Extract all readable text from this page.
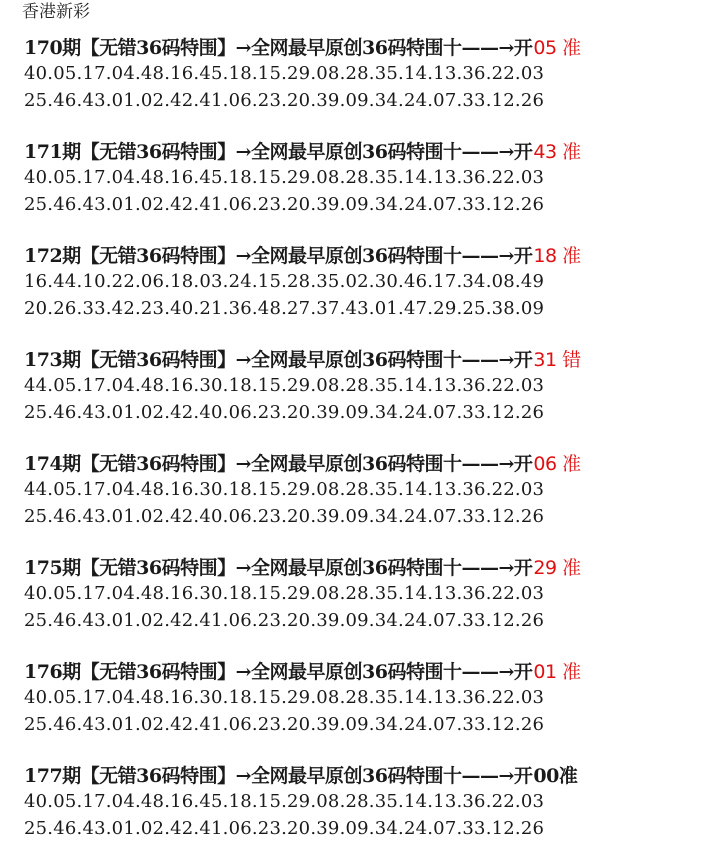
香港新彩
170期【无错36码特围】→全网最早原创36码特围十——→开05 准
40.05.17.04.48.16.45.18.15.29.08.28.35.14.13.36.22.03
25.46.43.01.02.42.41.06.23.20.39.09.34.24.07.33.12.26
171期【无错36码特围】→全网最早原创36码特围十——→开43 准
40.05.17.04.48.16.45.18.15.29.08.28.35.14.13.36.22.03
25.46.43.01.02.42.41.06.23.20.39.09.34.24.07.33.12.26
172期【无错36码特围】→全网最早原创36码特围十——→开18 准
16.44.10.22.06.18.03.24.15.28.35.02.30.46.17.34.08.49
20.26.33.42.23.40.21.36.48.27.37.43.01.47.29.25.38.09
173期【无错36码特围】→全网最早原创36码特围十——→开31 错
44.05.17.04.48.16.30.18.15.29.08.28.35.14.13.36.22.03
25.46.43.01.02.42.40.06.23.20.39.09.34.24.07.33.12.26
174期【无错36码特围】→全网最早原创36码特围十——→开06 准
44.05.17.04.48.16.30.18.15.29.08.28.35.14.13.36.22.03
25.46.43.01.02.42.40.06.23.20.39.09.34.24.07.33.12.26
175期【无错36码特围】→全网最早原创36码特围十——→开29 准
40.05.17.04.48.16.30.18.15.29.08.28.35.14.13.36.22.03
25.46.43.01.02.42.41.06.23.20.39.09.34.24.07.33.12.26
176期【无错36码特围】→全网最早原创36码特围十——→开01 准
40.05.17.04.48.16.30.18.15.29.08.28.35.14.13.36.22.03
25.46.43.01.02.42.41.06.23.20.39.09.34.24.07.33.12.26
177期【无错36码特围】→全网最早原创36码特围十——→开00准
40.05.17.04.48.16.45.18.15.29.08.28.35.14.13.36.22.03
25.46.43.01.02.42.41.06.23.20.39.09.34.24.07.33.12.26
